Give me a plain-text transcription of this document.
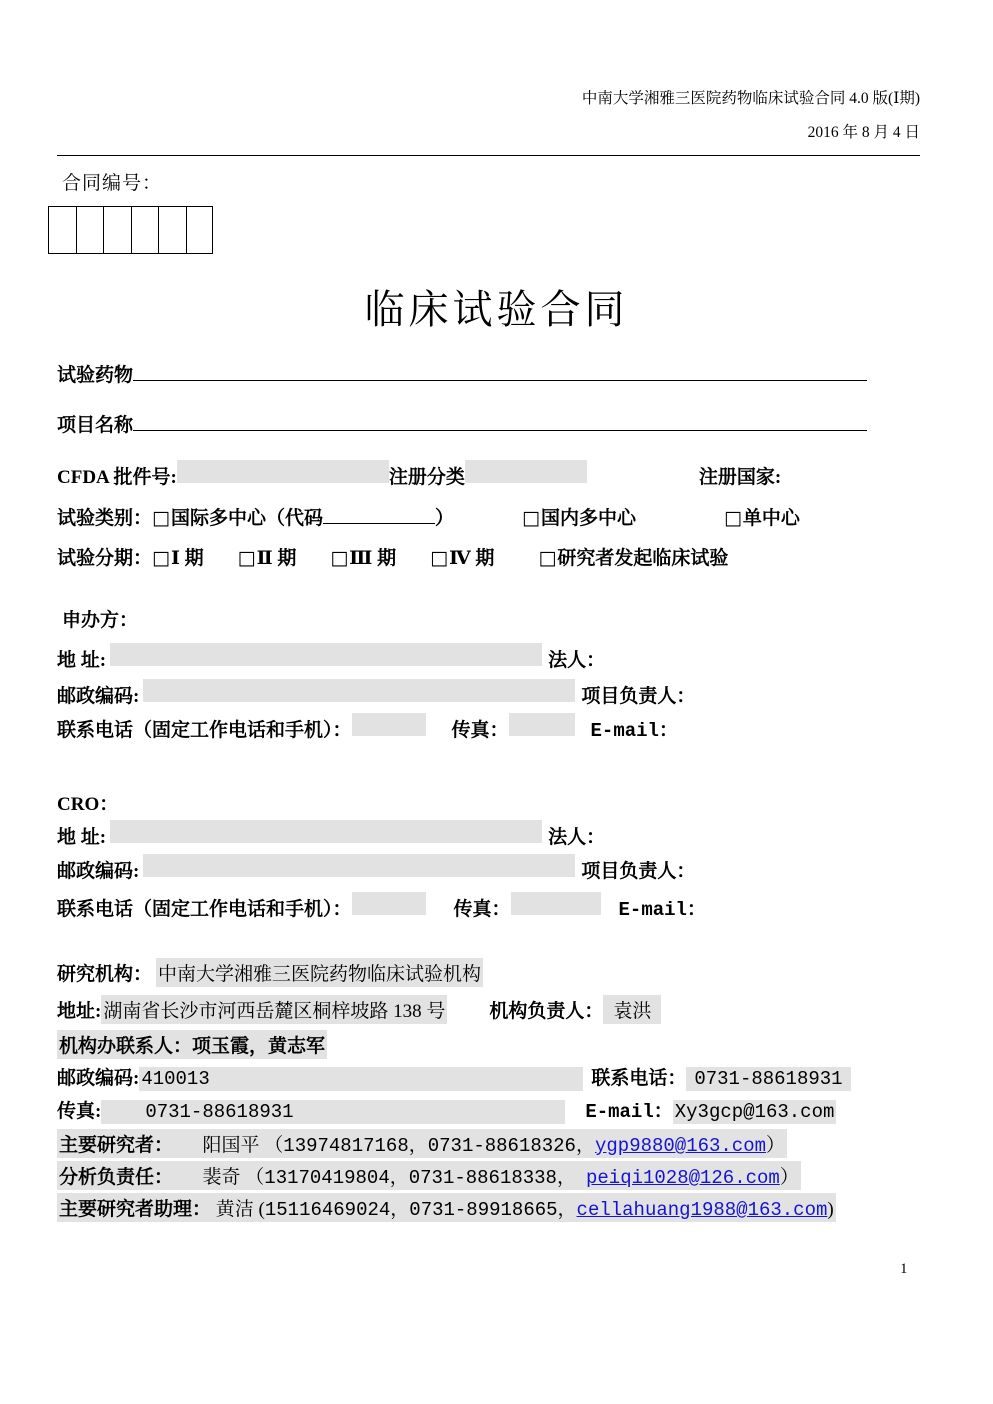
中南大学湘雅三医院药物临床试验合同 4.0 版(Ⅰ期)
2016 年 8 月 4 日
合同编号：
临床试验合同
试验药物
项目名称
CFDA 批件号:	注册分类	注册国家:
试验类别： □ 国际多中心（代码	）	□ 国内多中心	□ 单中心
试验分期： □ Ⅰ 期 □ Ⅱ 期 □ Ⅲ 期 □ Ⅳ 期 □ 研究者发起临床试验
申办方：
地 址:	法人：
邮政编码:	项目负责人：
联系电话（固定工作电话和手机）：	传真：	E-mail：
CRO：
地 址:	法人：
邮政编码:	项目负责人：
联系电话（固定工作电话和手机）：	传真：	E-mail：
研究机构： 中南大学湘雅三医院药物临床试验机构
地址: 湖南省长沙市河西岳麓区桐梓坡路 138 号 机构负责人： 袁洪
机构办联系人：项玉霞，黄志军
邮政编码: 410013	联系电话： 0731-88618931
传真:	0731-88618931	E-mail： Xy3gcp@163.com
主要研究者： 阳国平 （13974817168，0731-88618326，ygp9880@163.com）
分析负责任： 裴奇 （13170419804，0731-88618338， peiqi1028@126.com）
主要研究者助理： 黄洁 (15116469024，0731-89918665，cellahuang1988@163.com)
1
